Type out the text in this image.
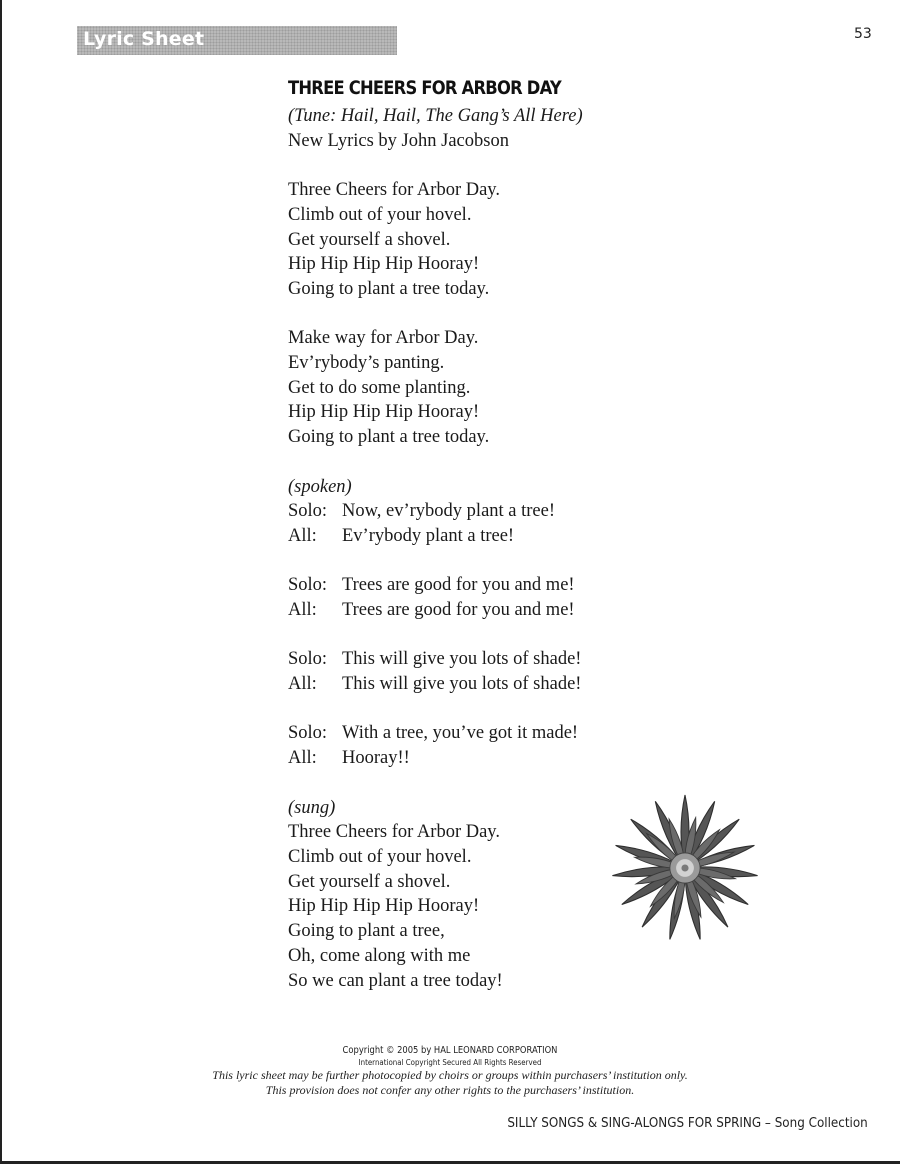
Lyric Sheet	53
THREE CHEERS FOR ARBOR DAY
(Tune: Hail, Hail, The Gang’s All Here)
New Lyrics by John Jacobson
Three Cheers for Arbor Day.
Climb out of your hovel.
Get yourself a shovel.
Hip Hip Hip Hip Hooray!
Going to plant a tree today.
Make way for Arbor Day.
Ev’rybody’s panting.
Get to do some planting.
Hip Hip Hip Hip Hooray!
Going to plant a tree today.
(spoken)
Solo: Now, ev’rybody plant a tree!
All:	Ev’rybody plant a tree!
Solo: Trees are good for you and me!
All:	Trees are good for you and me!
Solo: This will give you lots of shade!
All:	This will give you lots of shade!
Solo: With a tree, you’ve got it made!
All:	Hooray!!
(sung)
Three Cheers for Arbor Day.
Climb out of your hovel.
Get yourself a shovel.
Hip Hip Hip Hip Hooray!
Going to plant a tree,
Oh, come along with me
So we can plant a tree today!
Copyright © 2005 by HAL LEONARD CORPORATION
International Copyright Secured All Rights Reserved
This lyric sheet may be further photocopied by choirs or groups within purchasers’ institution only.
This provision does not confer any other rights to the purchasers’ institution.
SILLY SONGS & SING-ALONGS FOR SPRING – Song Collection
